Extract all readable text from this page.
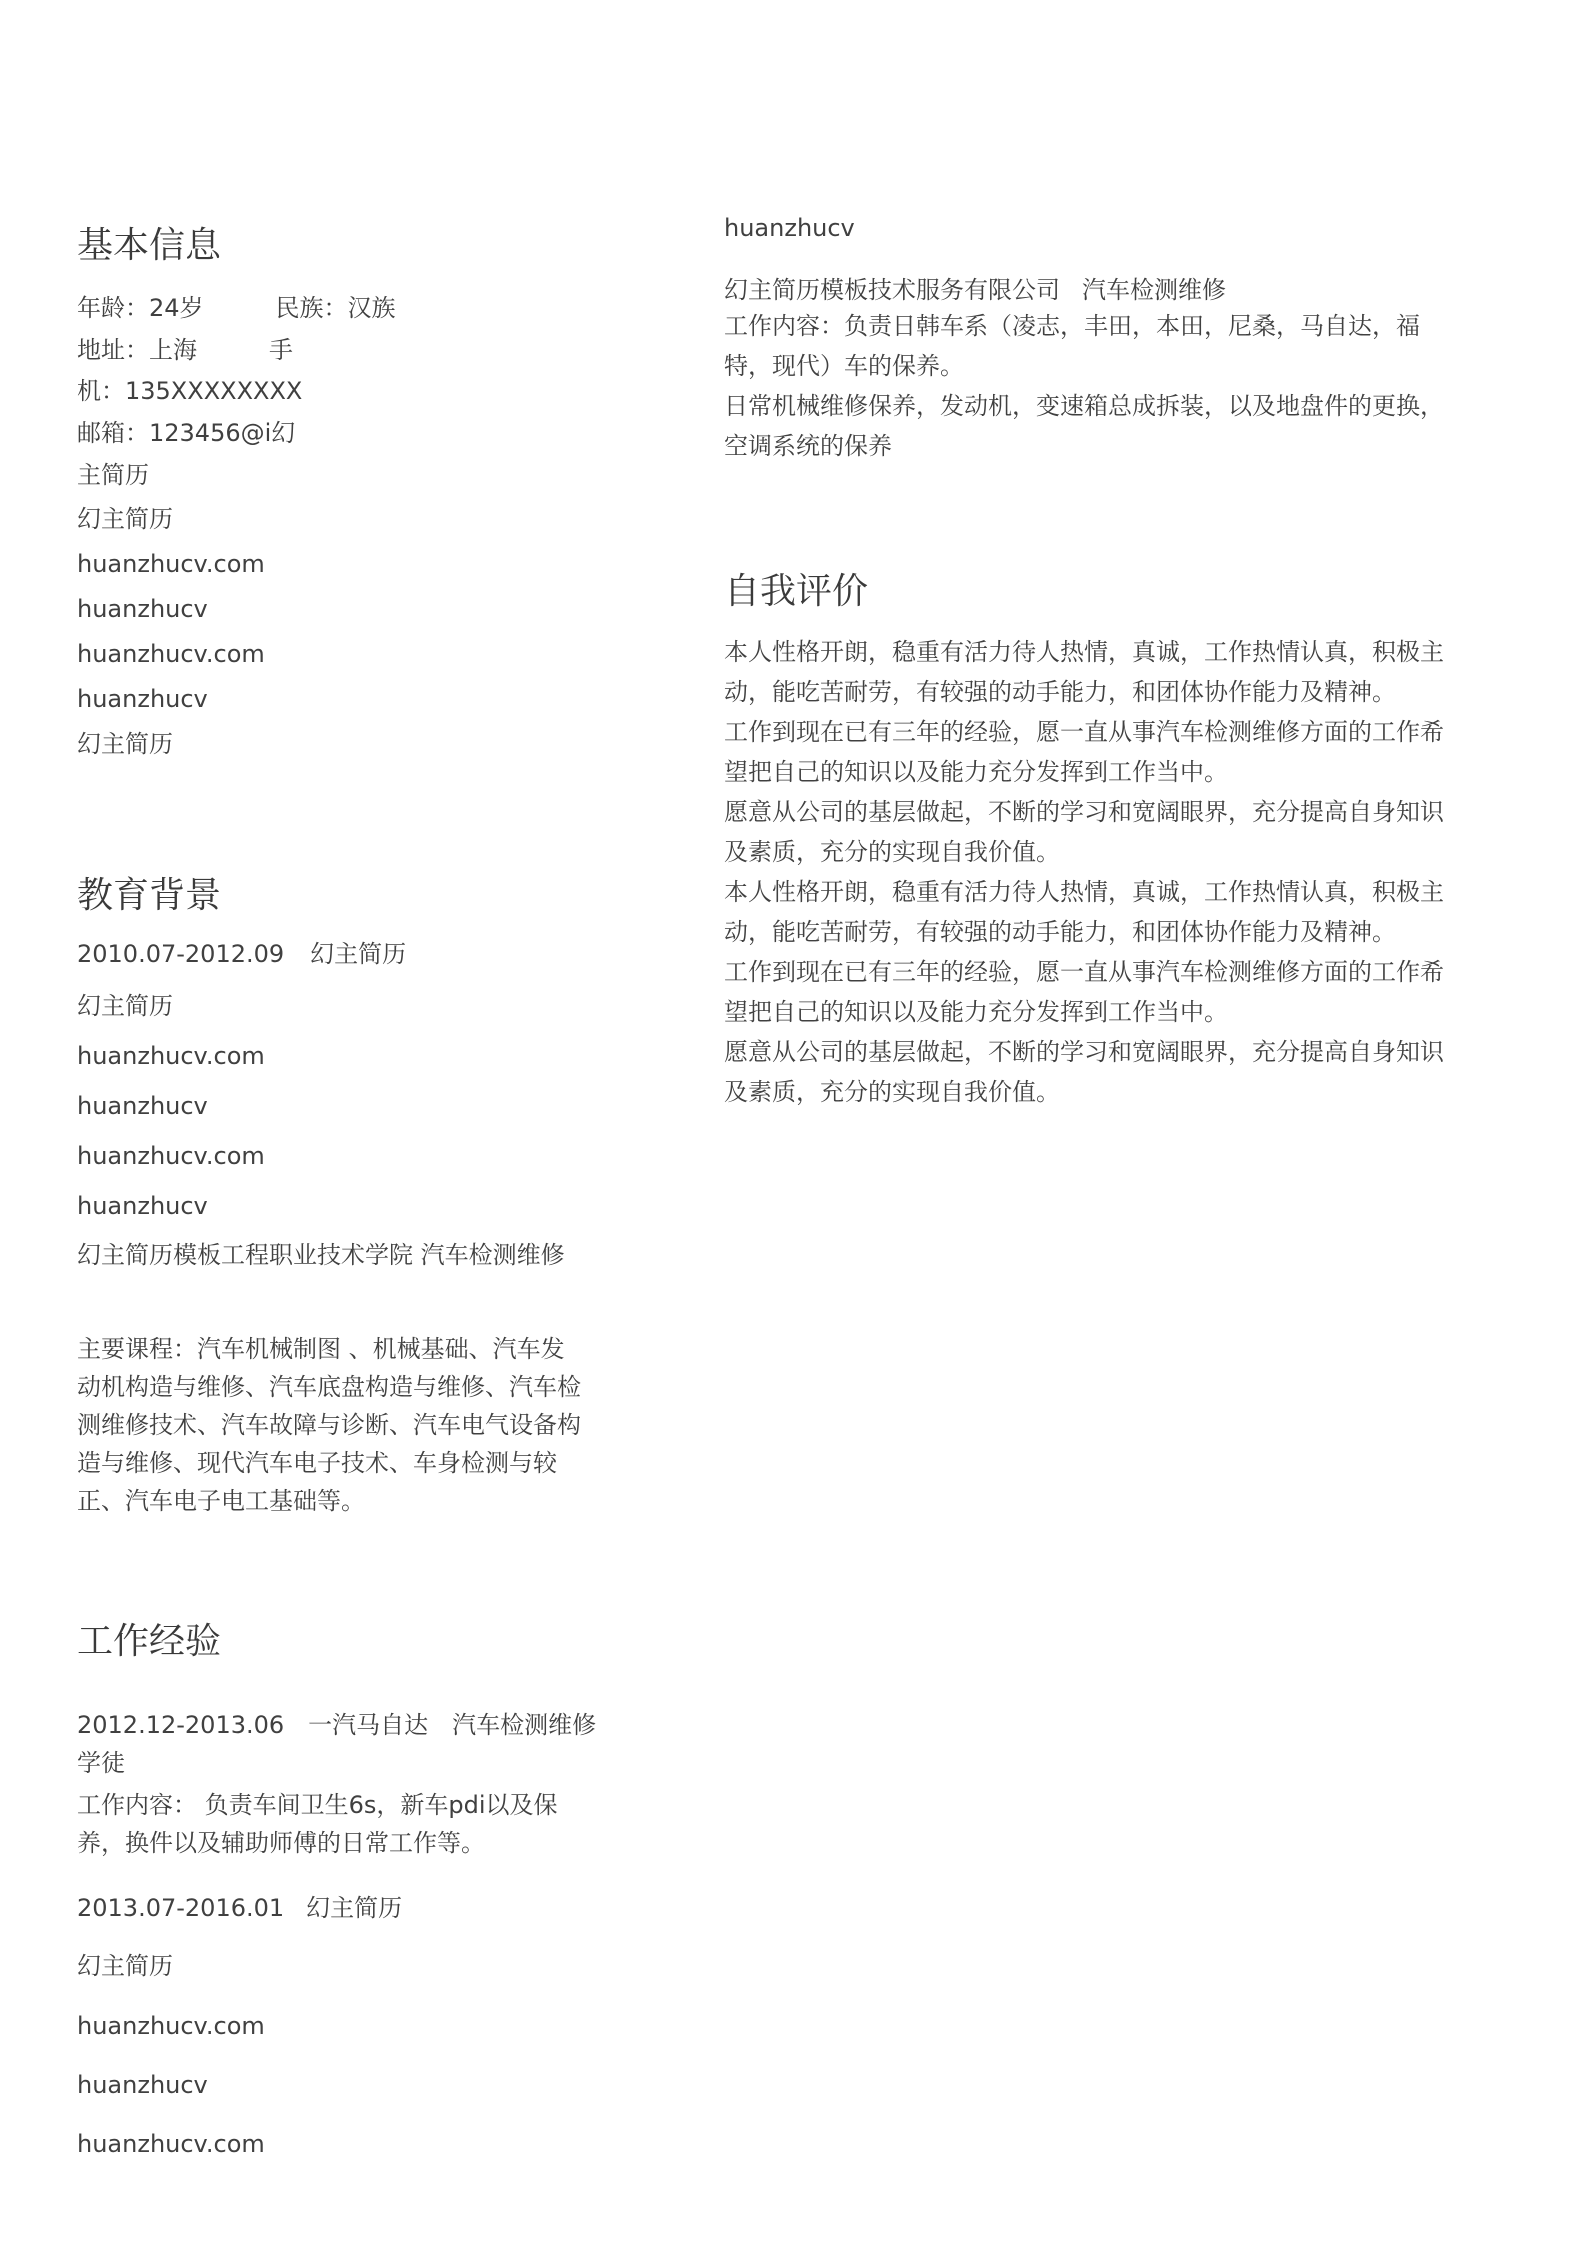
基本信息

年龄：24岁	民族：汉族

地址：上海	手

机：135XXXXXXXX

邮箱：123456@i幻

主简历

幻主简历

huanzhucv.com

huanzhucv

huanzhucv.com

huanzhucv

幻主简历

教育背景

2010.07-2012.09 幻主简历

幻主简历

huanzhucv.com

huanzhucv

huanzhucv.com

huanzhucv

幻主简历模板工程职业技术学院 汽车检测维修

主要课程：汽车机械制图 、机械基础、汽车发动机构造与维修、汽车底盘构造与维修、汽车检测维修技术、汽车故障与诊断、汽车电气设备构造与维修、现代汽车电子技术、车身检测与较正、汽车电子电工基础等。

工作经验

2012.12-2013.06 一汽马自达 汽车检测维修学徒

工作内容： 负责车间卫生6s，新车pdi以及保养，换件以及辅助师傅的日常工作等。

2013.07-2016.01 幻主简历

幻主简历

huanzhucv.com

huanzhucv

huanzhucv.com

huanzhucv

幻主简历模板技术服务有限公司 汽车检测维修

工作内容：负责日韩车系（凌志，丰田，本田，尼桑，马自达，福特，现代）车的保养。

日常机械维修保养，发动机，变速箱总成拆装，以及地盘件的更换，空调系统的保养

自我评价

本人性格开朗，稳重有活力待人热情，真诚，工作热情认真，积极主动，能吃苦耐劳，有较强的动手能力，和团体协作能力及精神。

工作到现在已有三年的经验，愿一直从事汽车检测维修方面的工作希望把自己的知识以及能力充分发挥到工作当中。

愿意从公司的基层做起，不断的学习和宽阔眼界，充分提高自身知识及素质，充分的实现自我价值。

本人性格开朗，稳重有活力待人热情，真诚，工作热情认真，积极主动，能吃苦耐劳，有较强的动手能力，和团体协作能力及精神。

工作到现在已有三年的经验，愿一直从事汽车检测维修方面的工作希望把自己的知识以及能力充分发挥到工作当中。

愿意从公司的基层做起，不断的学习和宽阔眼界，充分提高自身知识及素质，充分的实现自我价值。
